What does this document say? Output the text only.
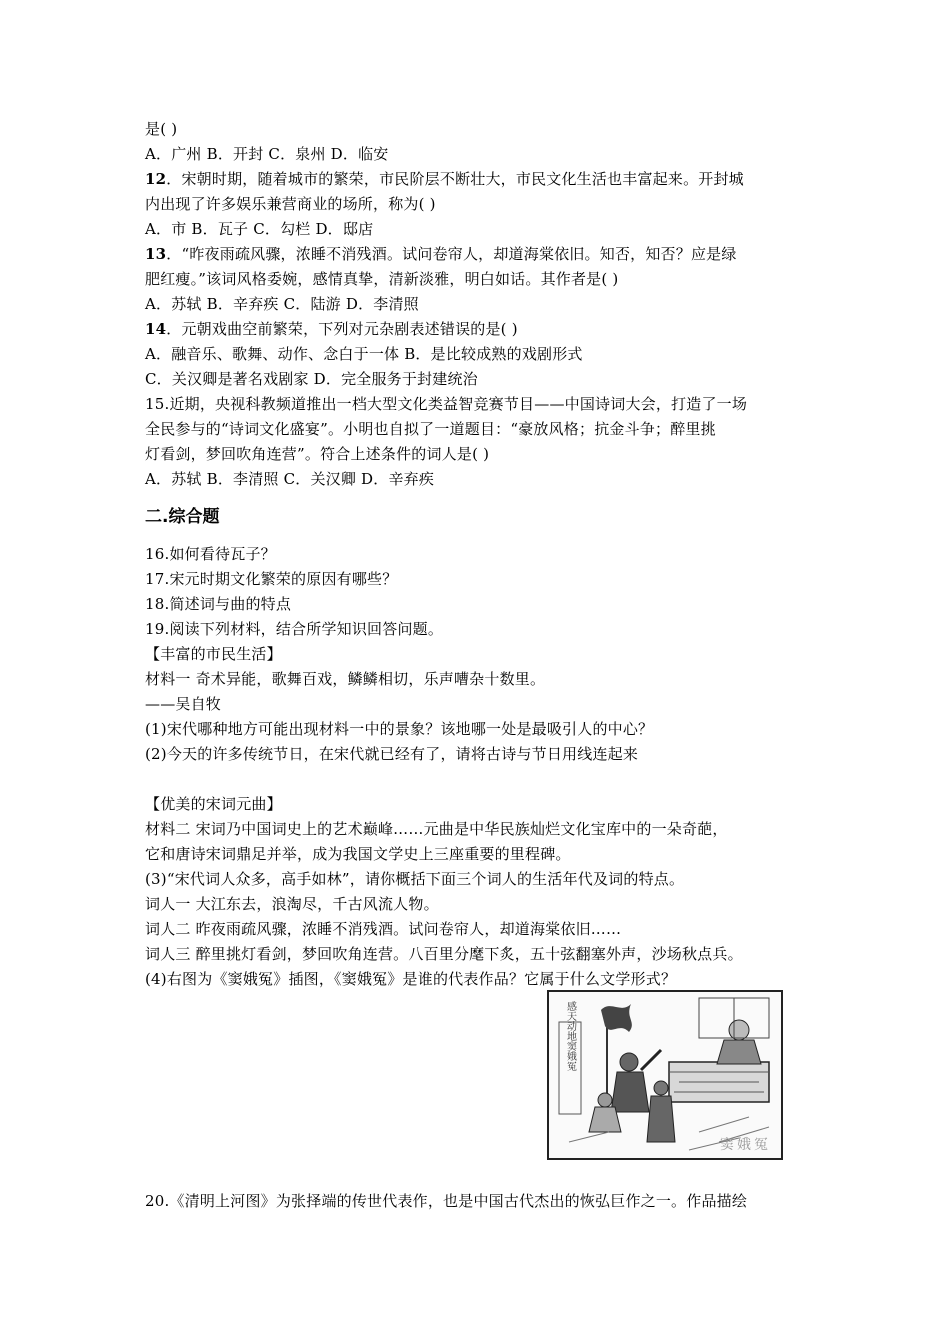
是( )
A．广州 B．开封 C．泉州 D．临安
12．宋朝时期，随着城市的繁荣，市民阶层不断壮大，市民文化生活也丰富起来。开封城
内出现了许多娱乐兼营商业的场所，称为( )
A．市 B．瓦子 C．勾栏 D．邸店
13．“昨夜雨疏风骤，浓睡不消残酒。试问卷帘人，却道海棠依旧。知否，知否？应是绿
肥红瘦。”该词风格委婉，感情真挚，清新淡雅，明白如话。其作者是( )
A．苏轼 B．辛弃疾 C．陆游 D．李清照
14．元朝戏曲空前繁荣，下列对元杂剧表述错误的是( )
A．融音乐、歌舞、动作、念白于一体 B．是比较成熟的戏剧形式
C．关汉卿是著名戏剧家 D．完全服务于封建统治
15.近期，央视科教频道推出一档大型文化类益智竞赛节目——中国诗词大会，打造了一场
全民参与的“诗词文化盛宴”。小明也自拟了一道题目：“豪放风格；抗金斗争；醉里挑
灯看剑，梦回吹角连营”。符合上述条件的词人是( )
A．苏轼 B．李清照 C．关汉卿 D．辛弃疾
二.综合题
16.如何看待瓦子？
17.宋元时期文化繁荣的原因有哪些？
18.简述词与曲的特点
19.阅读下列材料，结合所学知识回答问题。
【丰富的市民生活】
材料一 奇术异能，歌舞百戏，鳞鳞相切，乐声嘈杂十数里。
——吴自牧
(1)宋代哪种地方可能出现材料一中的景象？该地哪一处是最吸引人的中心？
(2)今天的许多传统节日，在宋代就已经有了，请将古诗与节日用线连起来
【优美的宋词元曲】
材料二 宋词乃中国词史上的艺术巅峰……元曲是中华民族灿烂文化宝库中的一朵奇葩，
它和唐诗宋词鼎足并举，成为我国文学史上三座重要的里程碑。
(3)“宋代词人众多，高手如林”，请你概括下面三个词人的生活年代及词的特点。
词人一 大江东去，浪淘尽，千古风流人物。
词人二 昨夜雨疏风骤，浓睡不消残酒。试问卷帘人，却道海棠依旧……
词人三 醉里挑灯看剑，梦回吹角连营。八百里分麾下炙，五十弦翻塞外声，沙场秋点兵。
(4)右图为《窦娥冤》插图，《窦娥冤》是谁的代表作品？它属于什么文学形式？
20.《清明上河图》为张择端的传世代表作，也是中国古代杰出的恢弘巨作之一。作品描绘
感天动地窦娥冤
窦娥冤
